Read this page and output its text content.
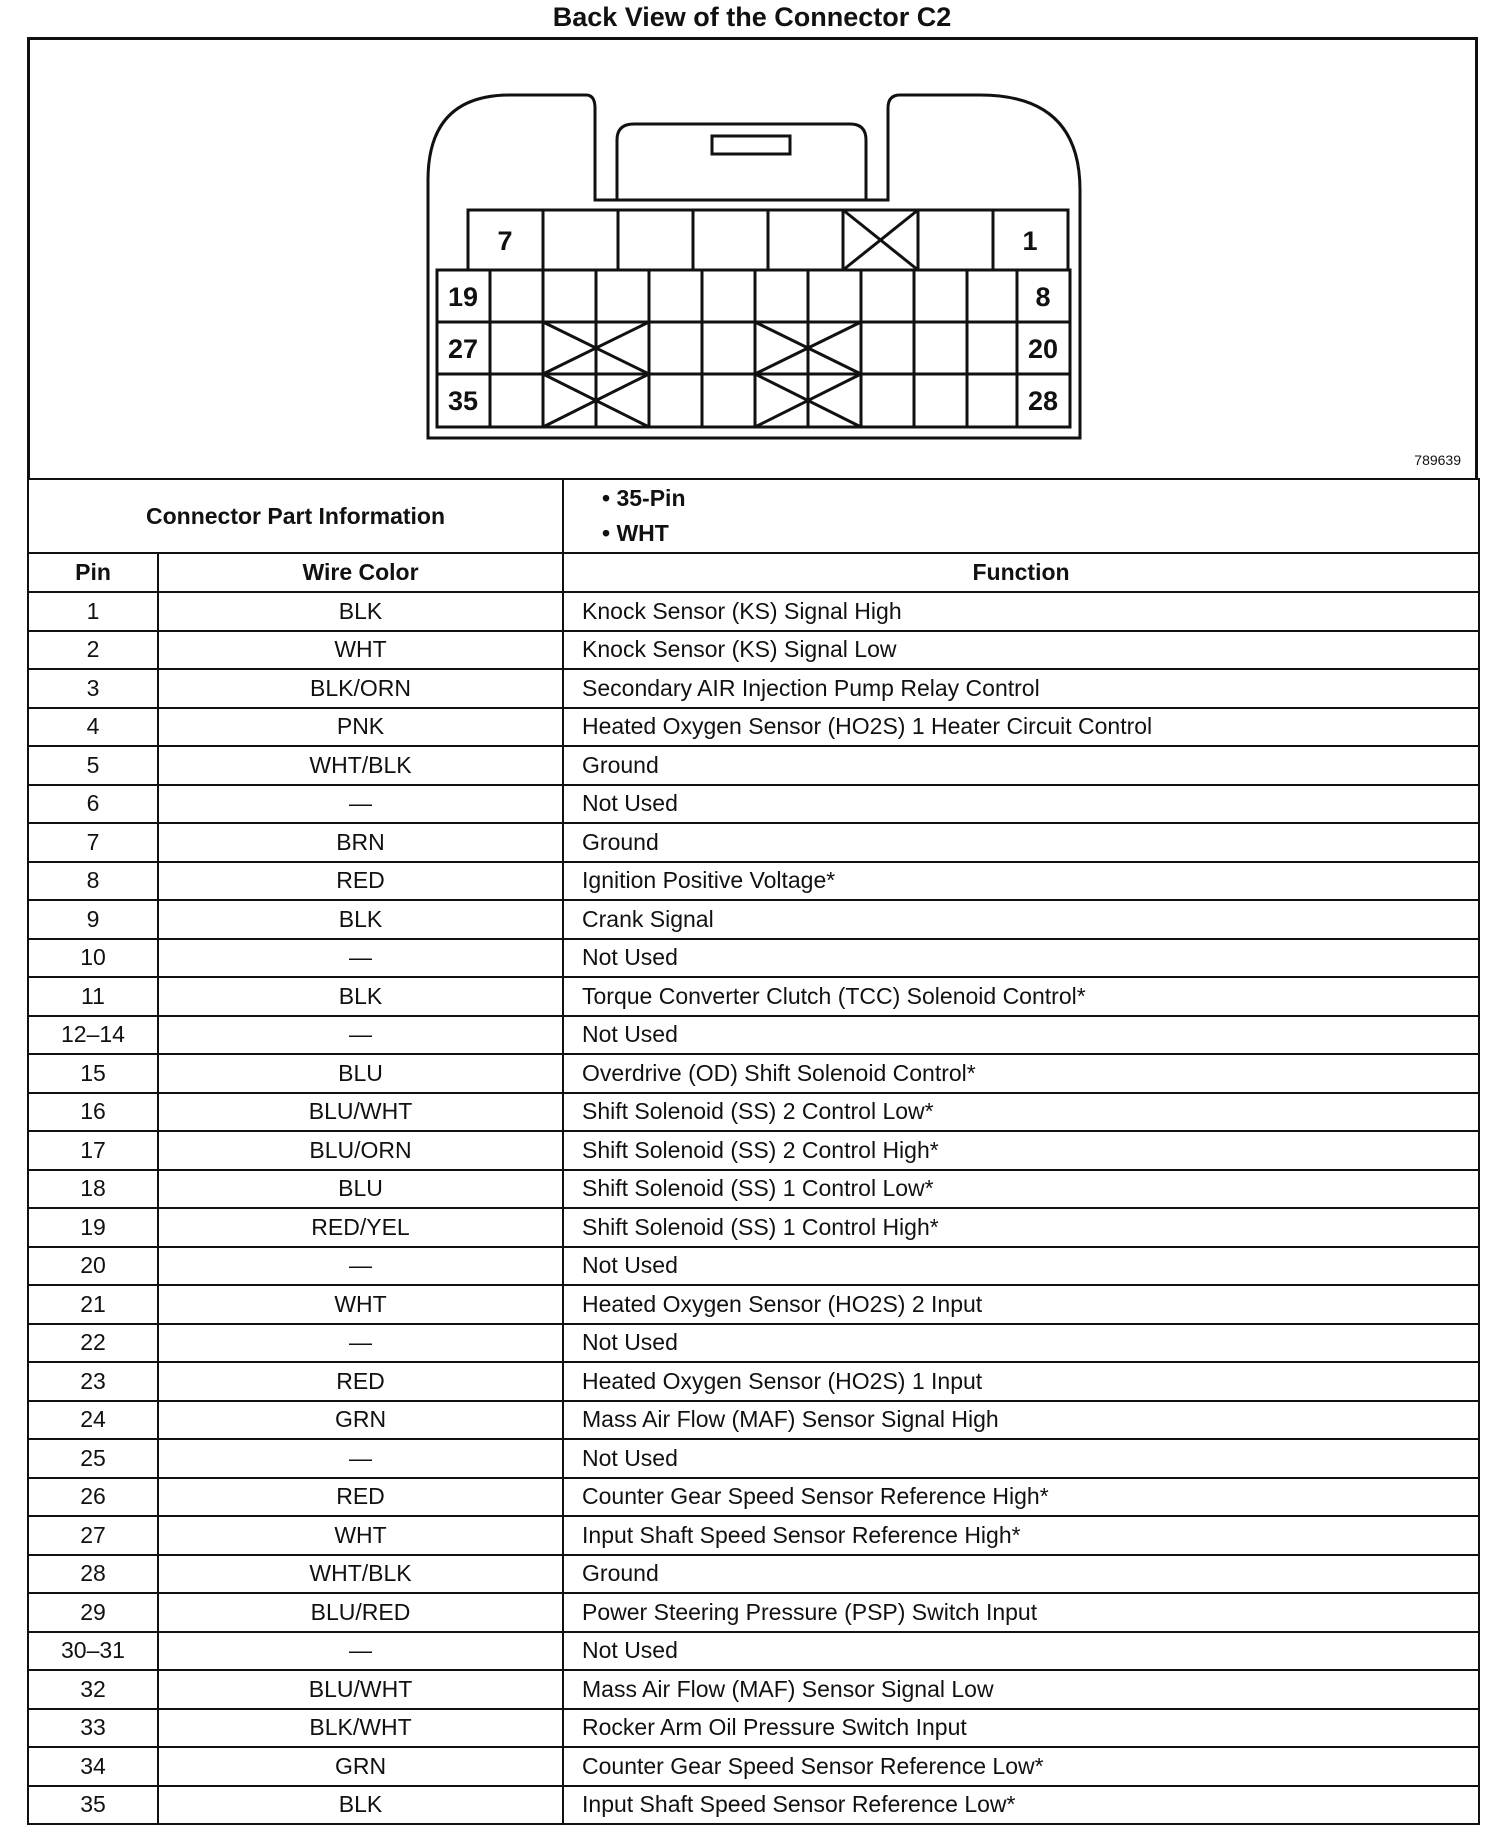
Back View of the Connector C2
7	1
19	8
27	20
35	28
789639
Connector Part Information		• 35-Pin
• WHT

Pin	Wire Color	Function
1	BLK	Knock Sensor (KS) Signal High
2	WHT	Knock Sensor (KS) Signal Low
3	BLK/ORN	Secondary AIR Injection Pump Relay Control
4	PNK	Heated Oxygen Sensor (HO2S) 1 Heater Circuit Control
5	WHT/BLK	Ground
6	—	Not Used
7	BRN	Ground
8	RED	Ignition Positive Voltage*
9	BLK	Crank Signal
10	—	Not Used
11	BLK	Torque Converter Clutch (TCC) Solenoid Control*
12–14	—	Not Used
15	BLU	Overdrive (OD) Shift Solenoid Control*
16	BLU/WHT	Shift Solenoid (SS) 2 Control Low*
17	BLU/ORN	Shift Solenoid (SS) 2 Control High*
18	BLU	Shift Solenoid (SS) 1 Control Low*
19	RED/YEL	Shift Solenoid (SS) 1 Control High*
20	—	Not Used
21	WHT	Heated Oxygen Sensor (HO2S) 2 Input
22	—	Not Used
23	RED	Heated Oxygen Sensor (HO2S) 1 Input
24	GRN	Mass Air Flow (MAF) Sensor Signal High
25	—	Not Used
26	RED	Counter Gear Speed Sensor Reference High*
27	WHT	Input Shaft Speed Sensor Reference High*
28	WHT/BLK	Ground
29	BLU/RED	Power Steering Pressure (PSP) Switch Input
30–31	—	Not Used
32	BLU/WHT	Mass Air Flow (MAF) Sensor Signal Low
33	BLK/WHT	Rocker Arm Oil Pressure Switch Input
34	GRN	Counter Gear Speed Sensor Reference Low*
35	BLK	Input Shaft Speed Sensor Reference Low*
